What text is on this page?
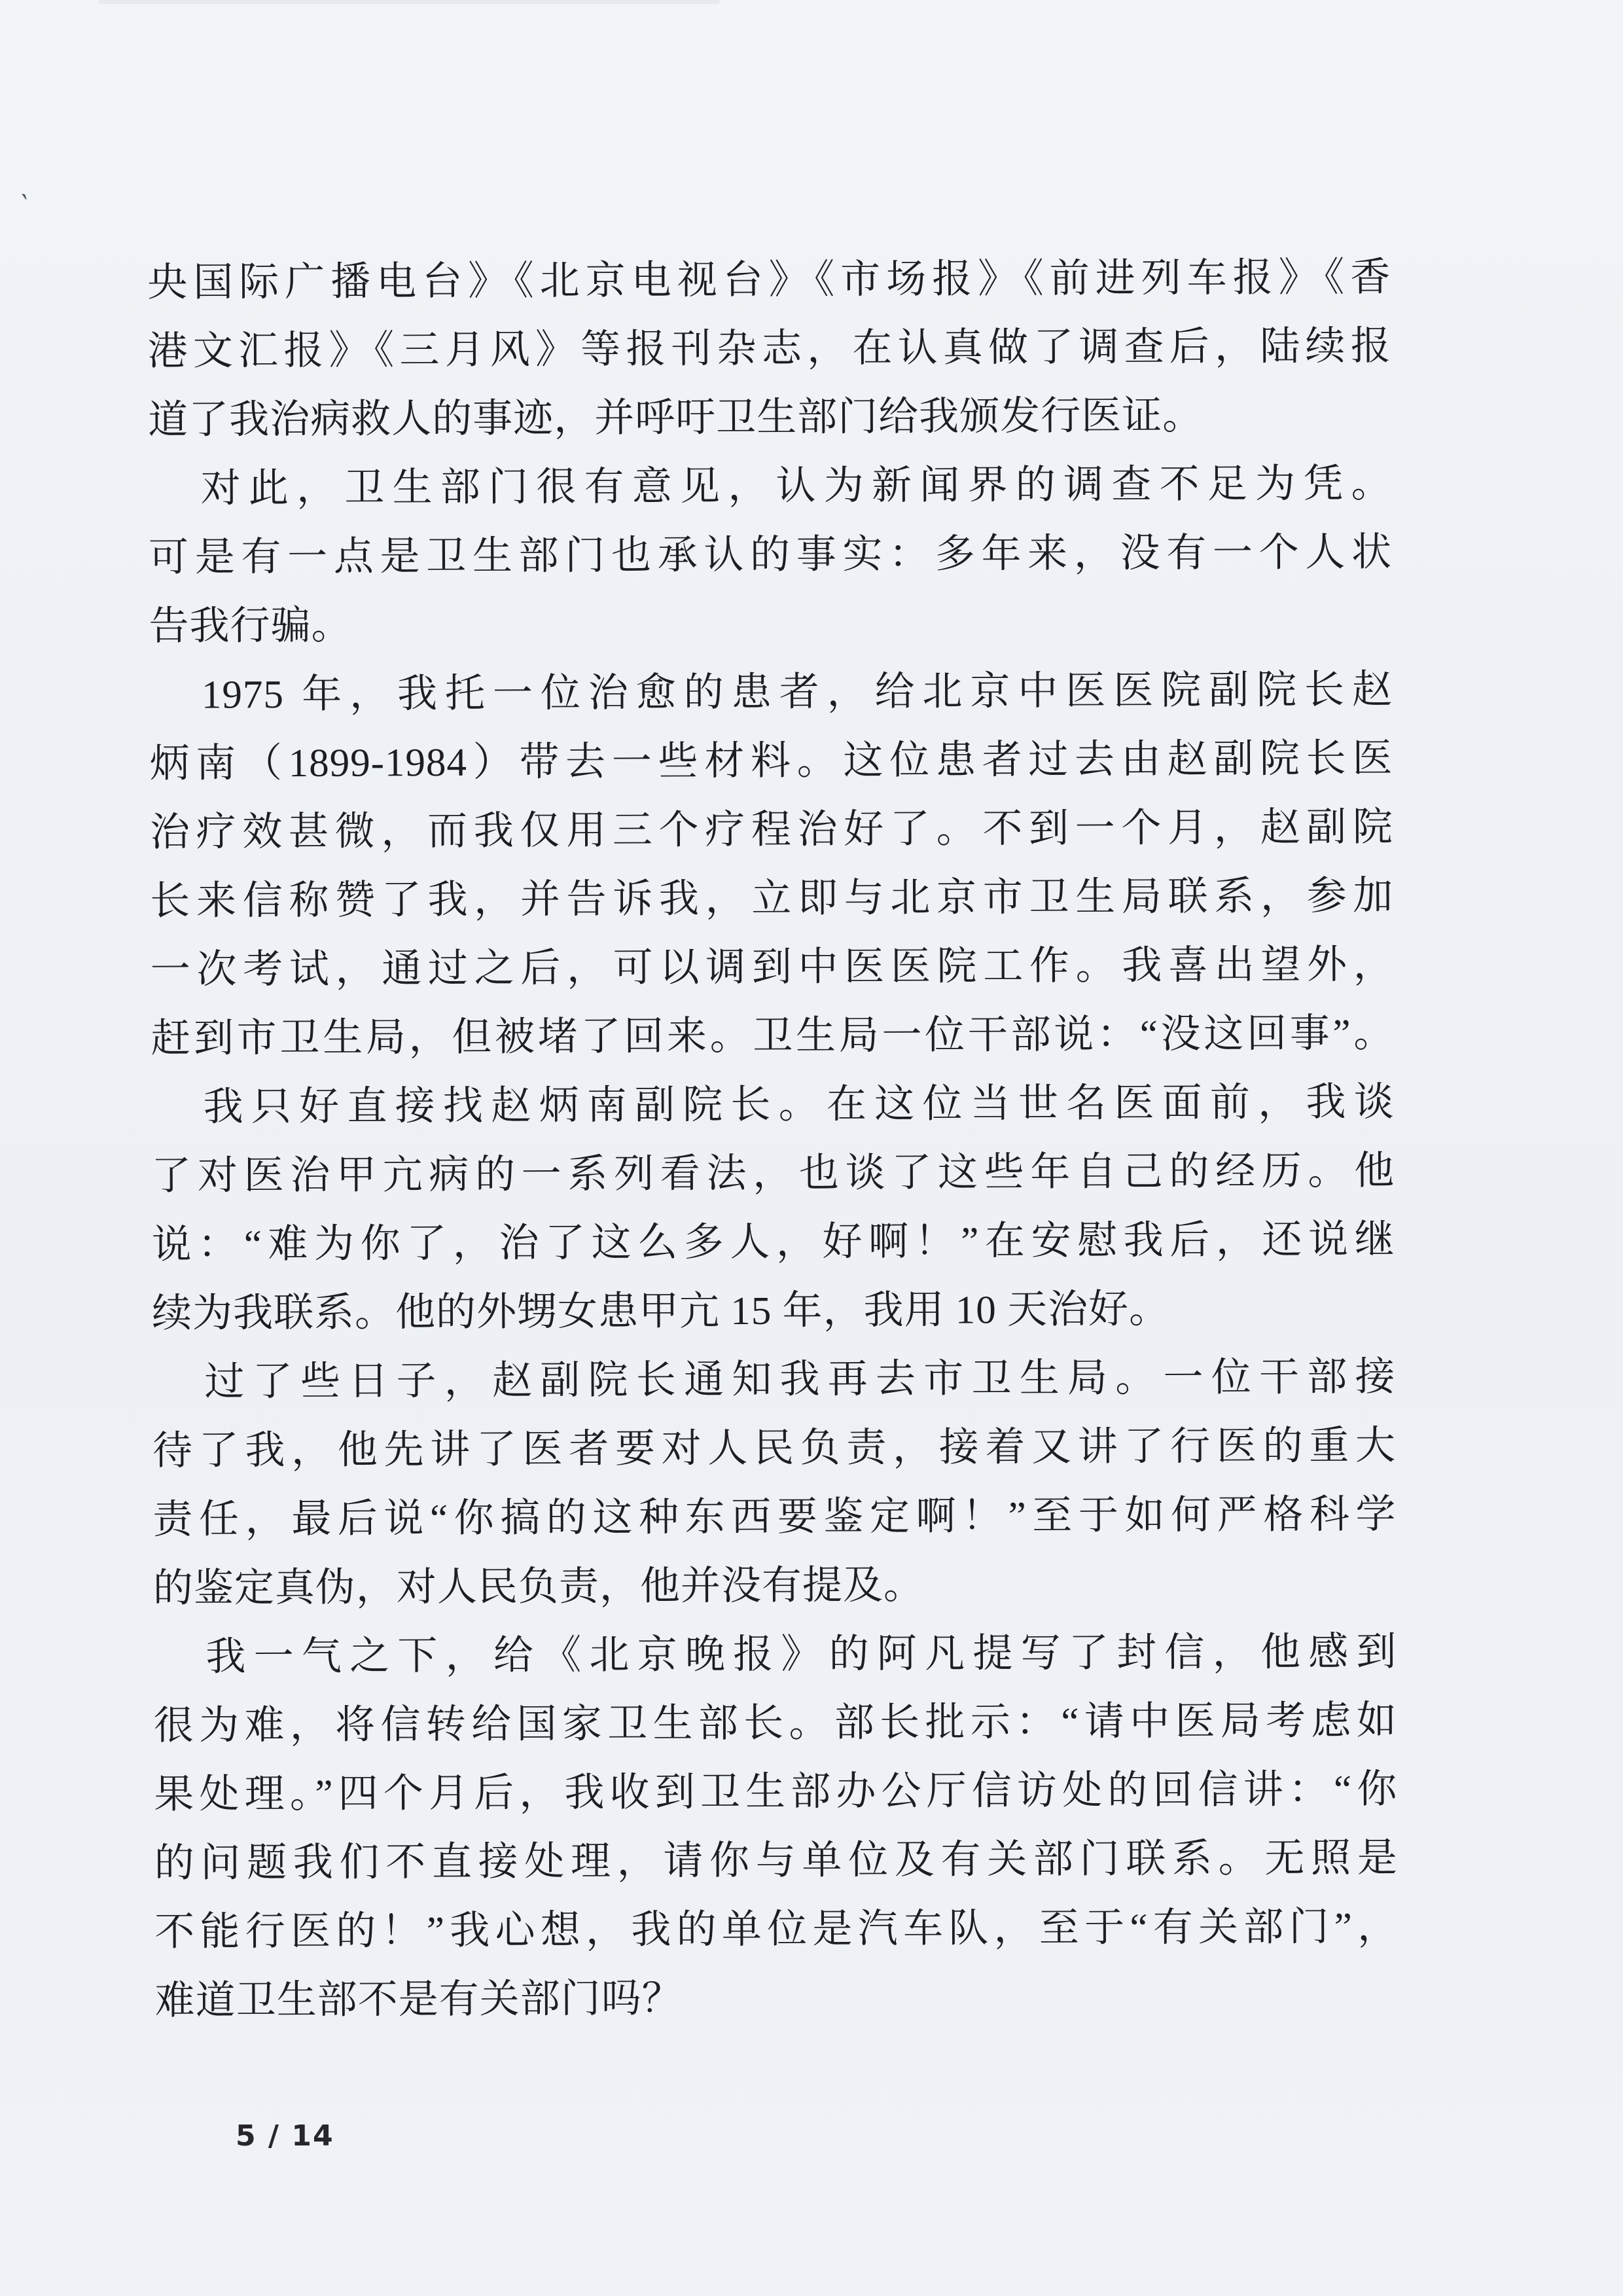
`
央国际广播电台》《北京电视台》《市场报》《前进列车报》《香
港文汇报》《三月风》等报刊杂志，在认真做了调查后，陆续报
道了我治病救人的事迹，并呼吁卫生部门给我颁发行医证。
对此，卫生部门很有意见，认为新闻界的调查不足为凭。
可是有一点是卫生部门也承认的事实：多年来，没有一个人状
告我行骗。
1975 年，我托一位治愈的患者，给北京中医医院副院长赵
炳南（1899-1984）带去一些材料。这位患者过去由赵副院长医
治疗效甚微，而我仅用三个疗程治好了。不到一个月，赵副院
长来信称赞了我，并告诉我，立即与北京市卫生局联系，参加
一次考试，通过之后，可以调到中医医院工作。我喜出望外，
赶到市卫生局，但被堵了回来。卫生局一位干部说：“没这回事”。
我只好直接找赵炳南副院长。在这位当世名医面前，我谈
了对医治甲亢病的一系列看法，也谈了这些年自己的经历。他
说：“难为你了，治了这么多人，好啊！”在安慰我后，还说继
续为我联系。他的外甥女患甲亢 15 年，我用 10 天治好。
过了些日子，赵副院长通知我再去市卫生局。一位干部接
待了我，他先讲了医者要对人民负责，接着又讲了行医的重大
责任，最后说“你搞的这种东西要鉴定啊！”至于如何严格科学
的鉴定真伪，对人民负责，他并没有提及。
我一气之下，给《北京晚报》的阿凡提写了封信，他感到
很为难，将信转给国家卫生部长。部长批示：“请中医局考虑如
果处理。”四个月后，我收到卫生部办公厅信访处的回信讲：“你
的问题我们不直接处理，请你与单位及有关部门联系。无照是
不能行医的！”我心想，我的单位是汽车队，至于“有关部门”，
难道卫生部不是有关部门吗？
5 / 14
